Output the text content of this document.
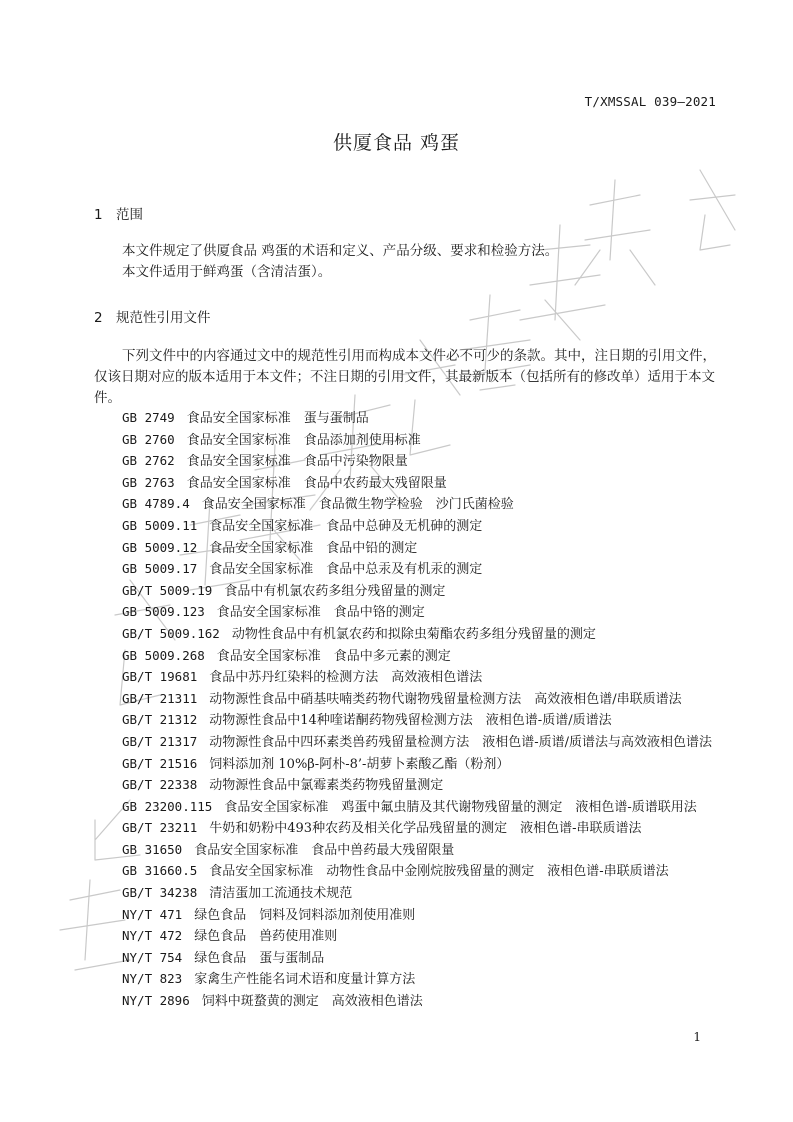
T/XMSSAL 039—2021
供厦食品 鸡蛋
1 范围

本文件规定了供厦食品 鸡蛋的术语和定义、产品分级、要求和检验方法。

本文件适用于鲜鸡蛋（含清洁蛋）。

2 规范性引用文件

下列文件中的内容通过文中的规范性引用而构成本文件必不可少的条款。其中，注日期的引用文件，仅该日期对应的版本适用于本文件；不注日期的引用文件，其最新版本（包括所有的修改单）适用于本文件。

GB 2749 食品安全国家标准　蛋与蛋制品
GB 2760 食品安全国家标准　食品添加剂使用标准
GB 2762 食品安全国家标准　食品中污染物限量
GB 2763 食品安全国家标准　食品中农药最大残留限量
GB 4789.4 食品安全国家标准　食品微生物学检验　沙门氏菌检验
GB 5009.11 食品安全国家标准　食品中总砷及无机砷的测定
GB 5009.12 食品安全国家标准　食品中铅的测定
GB 5009.17 食品安全国家标准　食品中总汞及有机汞的测定
GB/T 5009.19 食品中有机氯农药多组分残留量的测定
GB 5009.123 食品安全国家标准　食品中铬的测定
GB/T 5009.162 动物性食品中有机氯农药和拟除虫菊酯农药多组分残留量的测定
GB 5009.268 食品安全国家标准　食品中多元素的测定
GB/T 19681 食品中苏丹红染料的检测方法　高效液相色谱法
GB/T 21311 动物源性食品中硝基呋喃类药物代谢物残留量检测方法　高效液相色谱/串联质谱法
GB/T 21312 动物源性食品中14种喹诺酮药物残留检测方法　液相色谱-质谱/质谱法
GB/T 21317 动物源性食品中四环素类兽药残留量检测方法　液相色谱-质谱/质谱法与高效液相色谱法
GB/T 21516 饲料添加剂 10%β-阿朴-8’-胡萝卜素酸乙酯（粉剂）
GB/T 22338 动物源性食品中氯霉素类药物残留量测定
GB 23200.115 食品安全国家标准　鸡蛋中氟虫腈及其代谢物残留量的测定　液相色谱-质谱联用法
GB/T 23211 牛奶和奶粉中493种农药及相关化学品残留量的测定　液相色谱-串联质谱法
GB 31650 食品安全国家标准　食品中兽药最大残留限量
GB 31660.5 食品安全国家标准　动物性食品中金刚烷胺残留量的测定　液相色谱-串联质谱法
GB/T 34238 清洁蛋加工流通技术规范
NY/T 471 绿色食品　饲料及饲料添加剂使用准则
NY/T 472 绿色食品　兽药使用准则
NY/T 754 绿色食品　蛋与蛋制品
NY/T 823 家禽生产性能名词术语和度量计算方法
NY/T 2896 饲料中斑蝥黄的测定　高效液相色谱法
1
